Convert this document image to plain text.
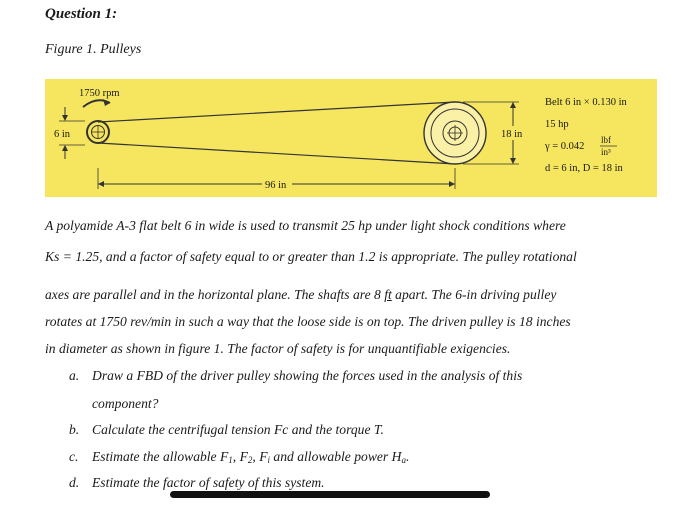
Question 1:
Figure 1. Pulleys
1750 rpm
6 in	18 in
96 in
Belt 6 in × 0.130 in
15 hp
γ = 0.042
lbf
in³
d = 6 in, D = 18 in
A polyamide A-3 flat belt 6 in wide is used to transmit 25 hp under light shock conditions where
Ks = 1.25, and a factor of safety equal to or greater than 1.2 is appropriate. The pulley rotational
axes are parallel and in the horizontal plane. The shafts are 8 ft apart. The 6-in driving pulley
rotates at 1750 rev/min in such a way that the loose side is on top. The driven pulley is 18 inches
in diameter as shown in figure 1. The factor of safety is for unquantifiable exigencies.
a. Draw a FBD of the driver pulley showing the forces used in the analysis of this
component?
b. Calculate the centrifugal tension Fc and the torque T.
c. Estimate the allowable $F_1$, $F_2$, $F_i$ and allowable power $H_a$.
d. Estimate the factor of safety of this system.
